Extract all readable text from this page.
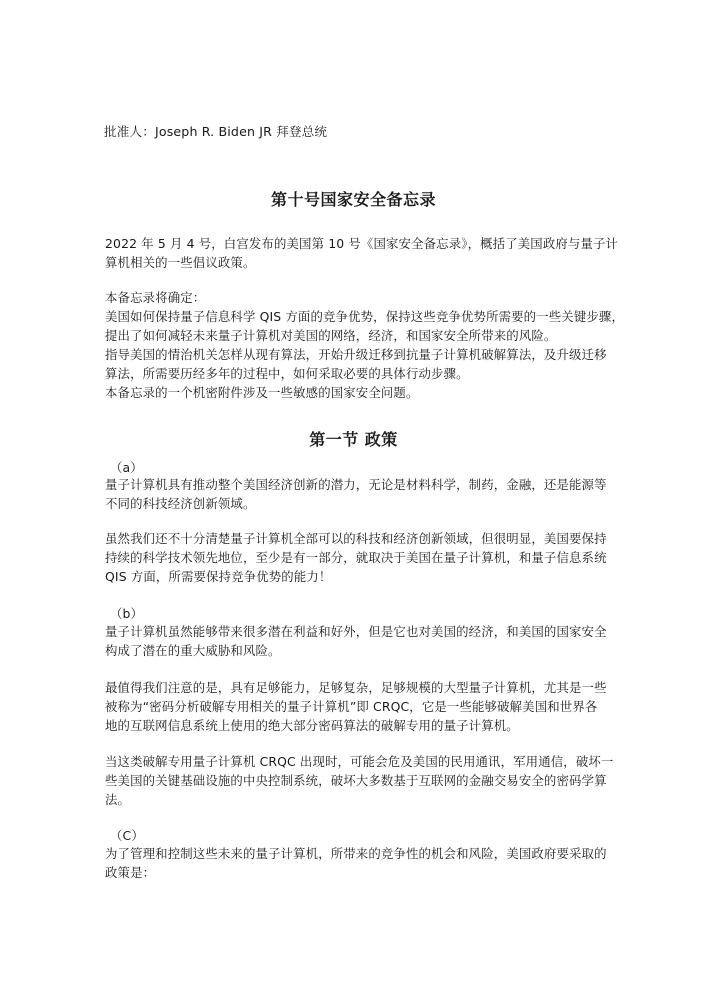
批准人：Joseph R. Biden JR 拜登总统
第十号国家安全备忘录
2022 年 5 月 4 号，白宫发布的美国第 10 号《国家安全备忘录》，概括了美国政府与量子计
算机相关的一些倡议政策。
本备忘录将确定：
美国如何保持量子信息科学 QIS 方面的竞争优势，保持这些竞争优势所需要的一些关键步骤，
提出了如何减轻未来量子计算机对美国的网络，经济，和国家安全所带来的风险。
指导美国的情治机关怎样从现有算法，开始升级迁移到抗量子计算机破解算法，及升级迁移
算法，所需要历经多年的过程中，如何采取必要的具体行动步骤。
本备忘录的一个机密附件涉及一些敏感的国家安全问题。
第一节 政策
（a）
量子计算机具有推动整个美国经济创新的潜力，无论是材料科学，制药，金融，还是能源等
不同的科技经济创新领域。
虽然我们还不十分清楚量子计算机全部可以的科技和经济创新领域，但很明显，美国要保持
持续的科学技术领先地位，至少是有一部分，就取决于美国在量子计算机，和量子信息系统
QIS 方面，所需要保持竞争优势的能力！
（b）
量子计算机虽然能够带来很多潜在利益和好外，但是它也对美国的经济，和美国的国家安全
构成了潜在的重大威胁和风险。
最值得我们注意的是，具有足够能力，足够复杂，足够规模的大型量子计算机，尤其是一些
被称为“密码分析破解专用相关的量子计算机”即 CRQC，它是一些能够破解美国和世界各
地的互联网信息系统上使用的绝大部分密码算法的破解专用的量子计算机。
当这类破解专用量子计算机 CRQC 出现时，可能会危及美国的民用通讯，军用通信，破坏一
些美国的关键基础设施的中央控制系统，破坏大多数基于互联网的金融交易安全的密码学算
法。
（C）
为了管理和控制这些未来的量子计算机，所带来的竞争性的机会和风险，美国政府要采取的
政策是：
